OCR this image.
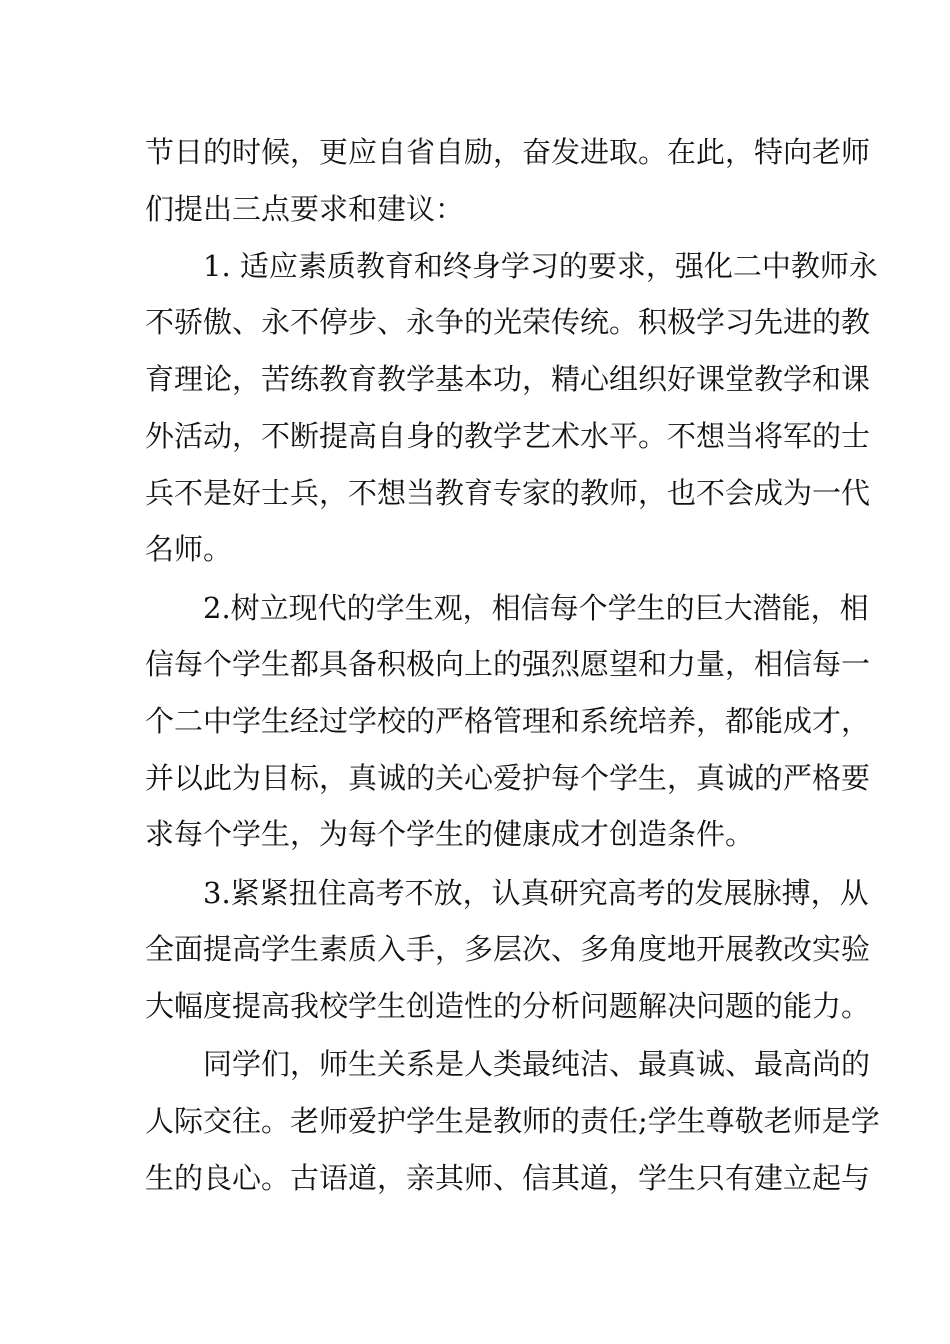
节日的时候，更应自省自励，奋发进取。在此，特向老师
们提出三点要求和建议：
1. 适应素质教育和终身学习的要求，强化二中教师永
不骄傲、永不停步、永争的光荣传统。积极学习先进的教
育理论，苦练教育教学基本功，精心组织好课堂教学和课
外活动，不断提高自身的教学艺术水平。不想当将军的士
兵不是好士兵，不想当教育专家的教师，也不会成为一代
名师。
2.树立现代的学生观，相信每个学生的巨大潜能，相
信每个学生都具备积极向上的强烈愿望和力量，相信每一
个二中学生经过学校的严格管理和系统培养，都能成才，
并以此为目标，真诚的关心爱护每个学生，真诚的严格要
求每个学生，为每个学生的健康成才创造条件。
3.紧紧扭住高考不放，认真研究高考的发展脉搏，从
全面提高学生素质入手，多层次、多角度地开展教改实验
大幅度提高我校学生创造性的分析问题解决问题的能力。
同学们，师生关系是人类最纯洁、最真诚、最高尚的
人际交往。老师爱护学生是教师的责任;学生尊敬老师是学
生的良心。古语道，亲其师、信其道，学生只有建立起与
